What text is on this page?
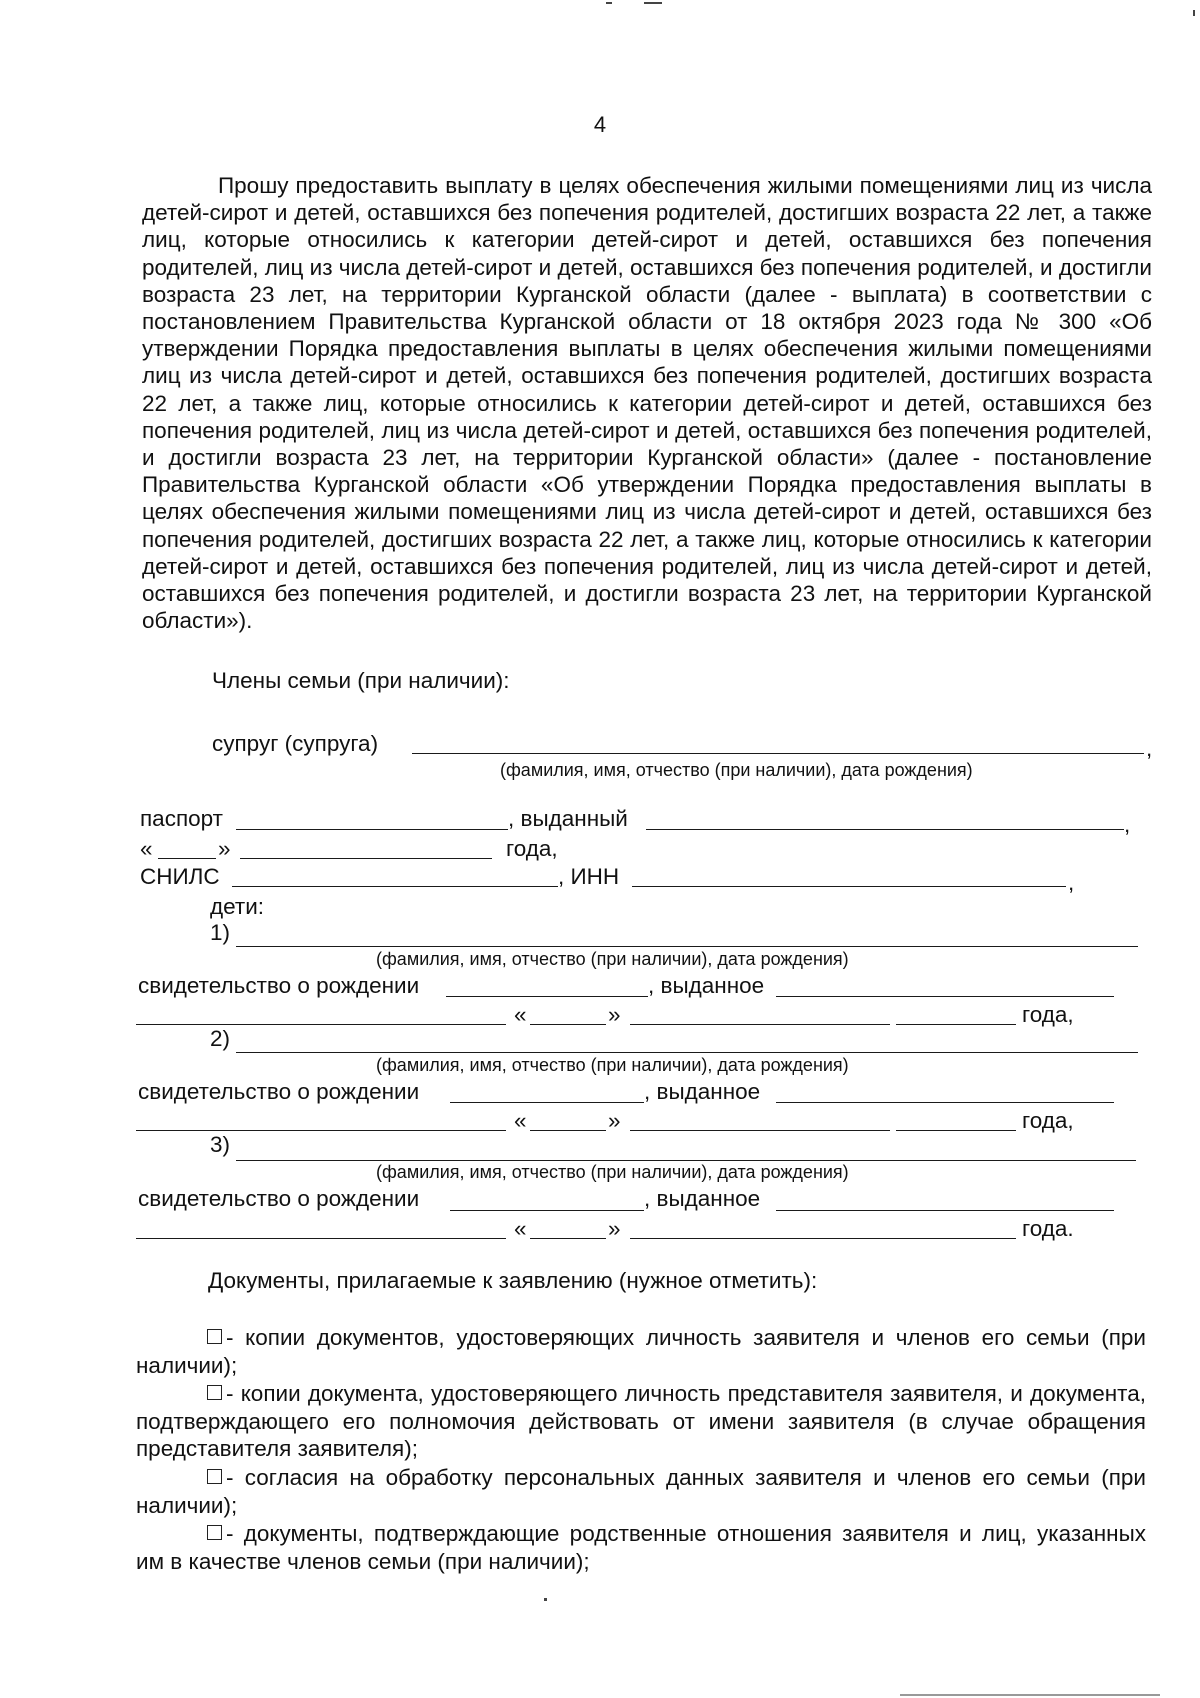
4

Прошу предоставить выплату в целях обеспечения жилыми помещениями лиц из числа детей-сирот и детей, оставшихся без попечения родителей, достигших возраста 22 лет, а также лиц, которые относились к категории детей-сирот и детей, оставшихся без попечения родителей, лиц из числа детей-сирот и детей, оставшихся без попечения родителей, и достигли возраста 23 лет, на территории Курганской области (далее - выплата) в соответствии с постановлением Правительства Курганской области от 18 октября 2023 года № 300 «Об утверждении Порядка предоставления выплаты в целях обеспечения жилыми помещениями лиц из числа детей-сирот и детей, оставшихся без попечения родителей, достигших возраста 22 лет, а также лиц, которые относились к категории детей-сирот и детей, оставшихся без попечения родителей, лиц из числа детей-сирот и детей, оставшихся без попечения родителей, и достигли возраста 23 лет, на территории Курганской области» (далее - постановление Правительства Курганской области «Об утверждении Порядка предоставления выплаты в целях обеспечения жилыми помещениями лиц из числа детей-сирот и детей, оставшихся без попечения родителей, достигших возраста 22 лет, а также лиц, которые относились к категории детей-сирот и детей, оставшихся без попечения родителей, лиц из числа детей-сирот и детей, оставшихся без попечения родителей, и достигли возраста 23 лет, на территории Курганской области»).

Члены семьи (при наличии):
супруг (супруга)	,
(фамилия, имя, отчество (при наличии), дата рождения)
паспорт	, выданный	,
«	»	года,
СНИЛС	, ИНН	,
дети:
1)
(фамилия, имя, отчество (при наличии), дата рождения)
свидетельство о рождении	, выданное
«	»	года,
2)
(фамилия, имя, отчество (при наличии), дата рождения)
свидетельство о рождении	, выданное
«	»	года,
3)
(фамилия, имя, отчество (при наличии), дата рождения)
свидетельство о рождении	, выданное
«	»	года.
Документы, прилагаемые к заявлению (нужное отметить):

- копии документов, удостоверяющих личность заявителя и членов его семьи (при наличии);

- копии документа, удостоверяющего личность представителя заявителя, и документа, подтверждающего его полномочия действовать от имени заявителя (в случае обращения представителя заявителя);

- согласия на обработку персональных данных заявителя и членов его семьи (при наличии);

- документы, подтверждающие родственные отношения заявителя и лиц, указанных им в качестве членов семьи (при наличии);
